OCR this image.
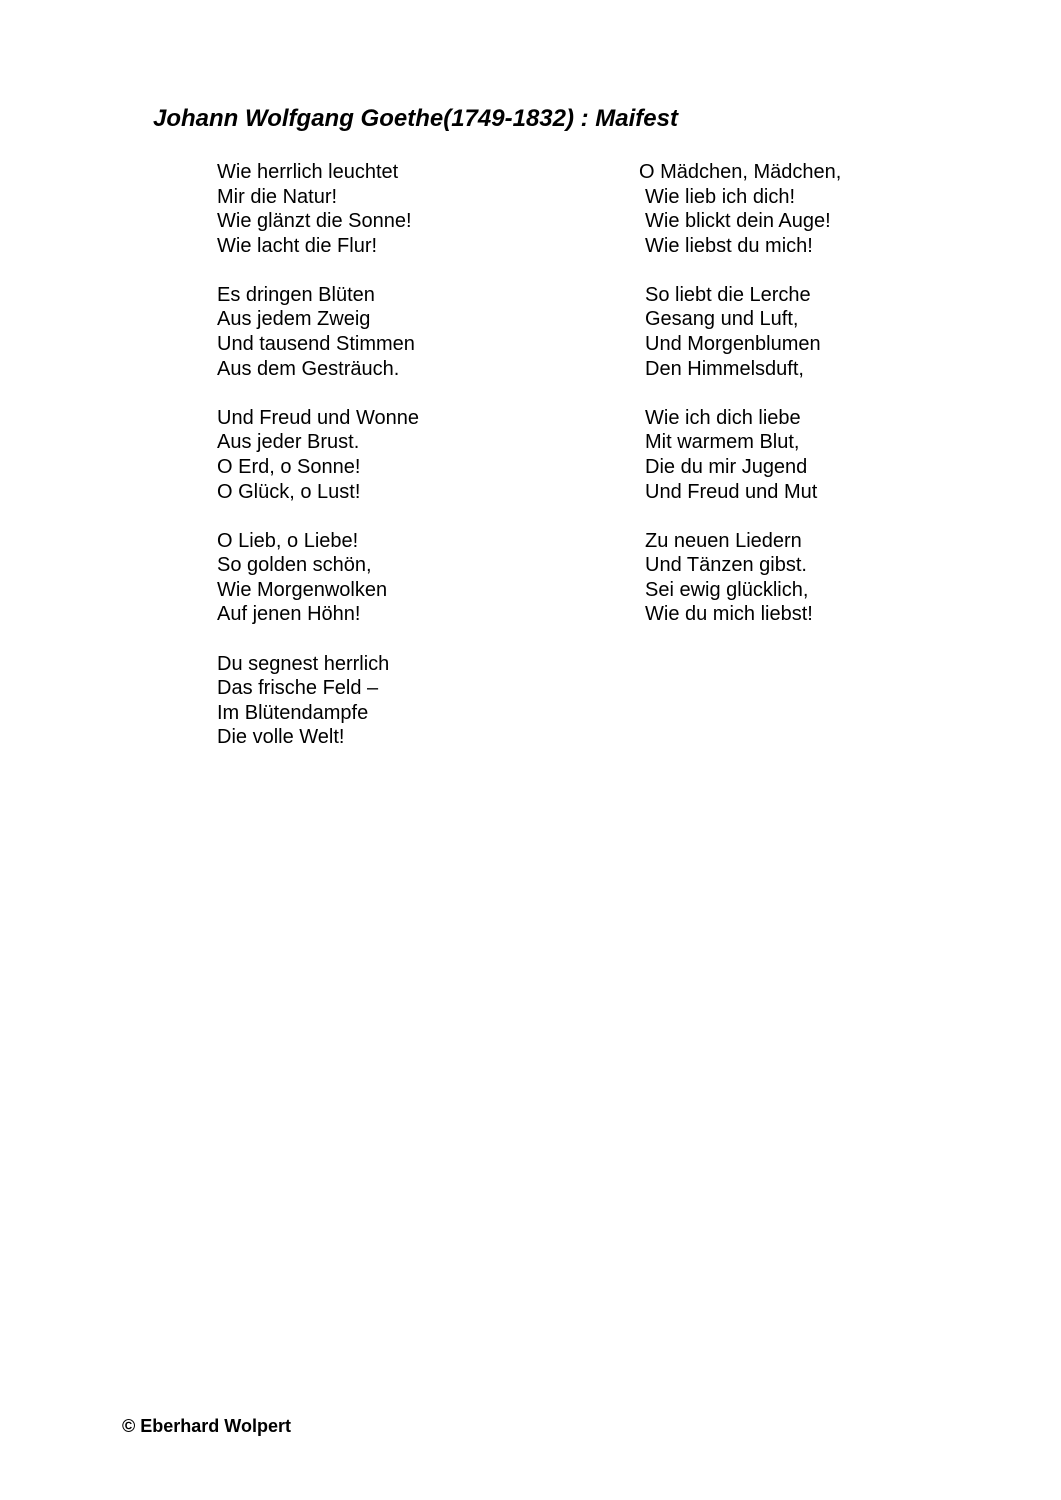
Johann Wolfgang Goethe(1749-1832) : Maifest
Wie herrlich leuchtet
Mir die Natur!
Wie glänzt die Sonne!
Wie lacht die Flur!
Es dringen Blüten
Aus jedem Zweig
Und tausend Stimmen
Aus dem Gesträuch.
Und Freud und Wonne
Aus jeder Brust.
O Erd, o Sonne!
O Glück, o Lust!
O Lieb, o Liebe!
So golden schön,
Wie Morgenwolken
Auf jenen Höhn!
Du segnest herrlich
Das frische Feld –
Im Blütendampfe
Die volle Welt!
O Mädchen, Mädchen,
Wie lieb ich dich!
Wie blickt dein Auge!
Wie liebst du mich!
So liebt die Lerche
Gesang und Luft,
Und Morgenblumen
Den Himmelsduft,
Wie ich dich liebe
Mit warmem Blut,
Die du mir Jugend
Und Freud und Mut
Zu neuen Liedern
Und Tänzen gibst.
Sei ewig glücklich,
Wie du mich liebst!
© Eberhard Wolpert
